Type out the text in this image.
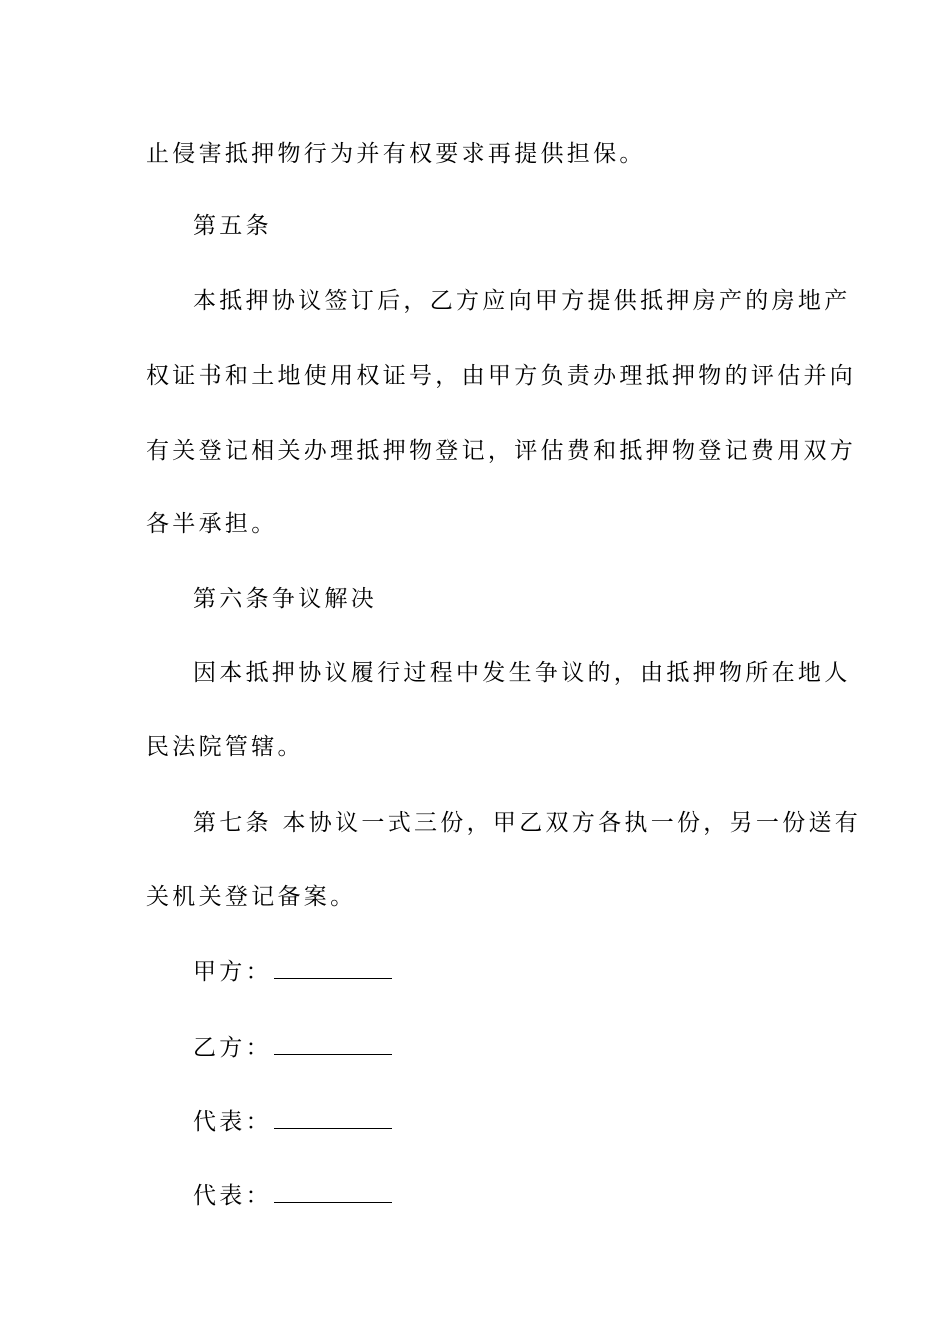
止侵害抵押物行为并有权要求再提供担保。
第五条
本抵押协议签订后，乙方应向甲方提供抵押房产的房地产
权证书和土地使用权证号，由甲方负责办理抵押物的评估并向
有关登记相关办理抵押物登记，评估费和抵押物登记费用双方
各半承担。
第六条争议解决
因本抵押协议履行过程中发生争议的，由抵押物所在地人
民法院管辖。
第七条 本协议一式三份，甲乙双方各执一份，另一份送有
关机关登记备案。
甲方：
乙方：
代表：
代表：
